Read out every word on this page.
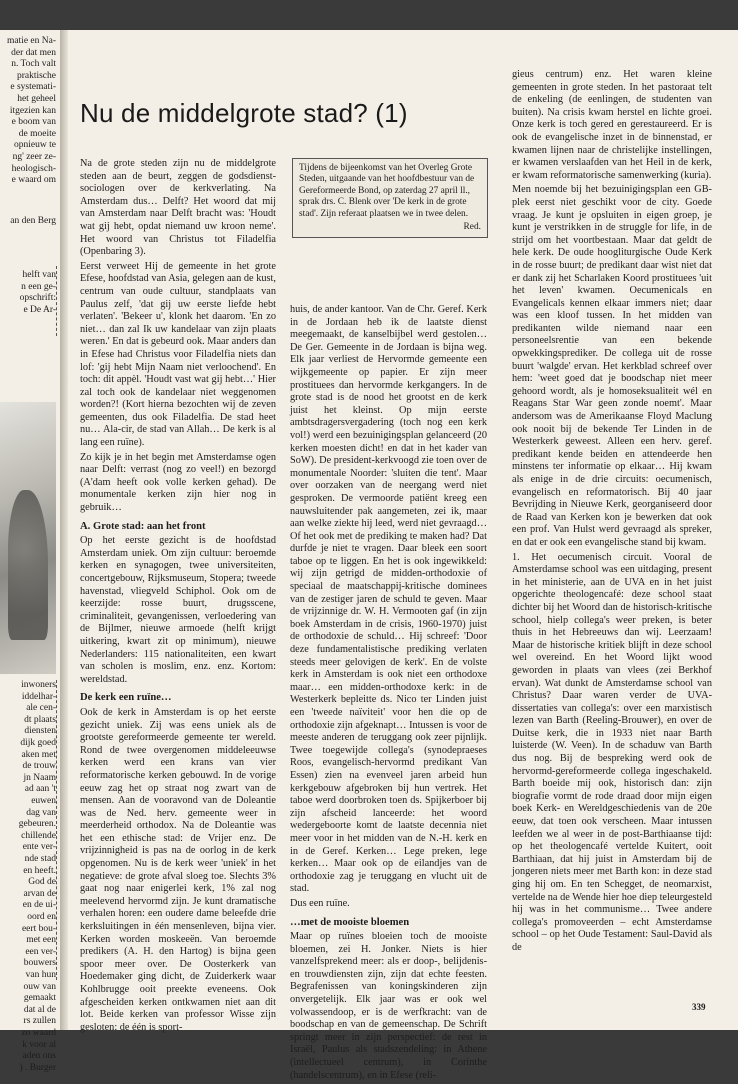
matie en Na-
der dat men
n. Toch valt
praktische
e systemati-
het geheel
itgezien kan
e boom van
de moeite
opnieuw te
ng' zeer ze-
heologisch-
e waard om
an den Berg
helft van
n een ge-
opschrift:
e De Ar-
inwoners
iddelhar-
ale cen-
dt plaats
diensten
dijk goed
aken met
de trouw
jn Naam
ad aan 't
euwen
dag van
gebeuren.
chillende
ente ver-
nde stad
en heeft.
God de
arvan de
en de ui-
oord en
eert bou-
met een
een ver-
bouwers
van hun
ouw van
gemaakt
dat al de
rs zullen
zo waard
k voor al
aden ons
) . Burger
Nu de middelgrote stad? (1)

Na de grote steden zijn nu de middelgrote steden aan de beurt, zeggen de godsdienst-sociologen over de kerkverlating. Na Amsterdam dus… Delft? Het woord dat mij van Amsterdam naar Delft bracht was: 'Houdt wat gij hebt, opdat niemand uw kroon neme'. Het woord van Christus tot Filadelfia (Openbaring 3).

Eerst verweet Hij de gemeente in het grote Efese, hoofdstad van Asia, gelegen aan de kust, centrum van oude cultuur, standplaats van Paulus zelf, 'dat gij uw eerste liefde hebt verlaten'. 'Bekeer u', klonk het daarom. 'En zo niet… dan zal Ik uw kandelaar van zijn plaats weren.' En dat is gebeurd ook. Maar anders dan in Efese had Christus voor Filadelfia niets dan lof: 'gij hebt Mijn Naam niet verloochend'. En toch: dit appèl. 'Houdt vast wat gij hebt…' Hier zal toch ook de kandelaar niet weggenomen worden?! (Kort hierna bezochten wij de zeven gemeenten, dus ook Filadelfia. De stad heet nu… Ala-cir, de stad van Allah… De kerk is al lang een ruïne).

Zo kijk je in het begin met Amsterdamse ogen naar Delft: verrast (nog zo veel!) en bezorgd (A'dam heeft ook volle kerken gehad). De monumentale kerken zijn hier nog in gebruik…

A. Grote stad: aan het front

Op het eerste gezicht is de hoofdstad Amsterdam uniek. Om zijn cultuur: beroemde kerken en synagogen, twee universiteiten, concertgebouw, Rijksmuseum, Stopera; tweede havenstad, vliegveld Schiphol. Ook om de keerzijde: rosse buurt, drugsscene, criminaliteit, gevangenissen, verloedering van de Bijlmer, nieuwe armoede (helft krijgt uitkering, kwart zit op minimum), nieuwe Nederlanders: 115 nationaliteiten, een kwart van scholen is moslim, enz. enz. Kortom: wereldstad.

De kerk een ruïne…

Ook de kerk in Amsterdam is op het eerste gezicht uniek. Zij was eens uniek als de grootste gereformeerde gemeente ter wereld. Rond de twee overgenomen middeleeuwse kerken werd een krans van vier reformatorische kerken gebouwd. In de vorige eeuw zag het op straat nog zwart van de mensen. Aan de vooravond van de Doleantie was de Ned. herv. gemeente weer in meerderheid orthodox. Na de Doleantie was het een ethische stad: de Vrijer enz. De vrijzinnigheid is pas na de oorlog in de kerk opgenomen. Nu is de kerk weer 'uniek' in het negatieve: de grote afval sloeg toe. Slechts 3% gaat nog naar enigerlei kerk, 1% zal nog meelevend hervormd zijn. Je kunt dramatische verhalen horen: een oudere dame beleefde drie kerksluitingen in één mensenleven, bijna vier. Kerken worden moskeeën. Van beroemde predikers (A. H. den Hartog) is bijna geen spoor meer over. De Oosterkerk van Hoedemaker ging dicht, de Zuiderkerk waar Kohlbrugge ooit preekte eveneens. Ook afgescheiden kerken ontkwamen niet aan dit lot. Beide kerken van professor Wisse zijn gesloten: de één is sport-

Tijdens de bijeenkomst van het Overleg Grote Steden, uitgaande van het hoofdbestuur van de Gereformeerde Bond, op zaterdag 27 april ll., sprak drs. C. Blenk over 'De kerk in de grote stad'. Zijn referaat plaatsen we in twee delen.
Red.

huis, de ander kantoor. Van de Chr. Geref. Kerk in de Jordaan heb ik de laatste dienst meegemaakt, de kanselbijbel werd gestolen… De Ger. Gemeente in de Jordaan is bijna weg. Elk jaar verliest de Hervormde gemeente een wijkgemeente op papier. Er zijn meer prostituees dan hervormde kerkgangers. In de grote stad is de nood het grootst en de kerk juist het kleinst. Op mijn eerste ambtsdragersvergadering (toch nog een kerk vol!) werd een bezuinigingsplan gelanceerd (20 kerken moesten dicht! en dat in het kader van SoW). De president-kerkvoogd zie toen over de monumentale Noorder: 'sluiten die tent'. Maar over oorzaken van de neergang werd niet gesproken. De vermoorde patiënt kreeg een nauwsluitender pak aangemeten, zei ik, maar aan welke ziekte hij leed, werd niet gevraagd… Of het ook met de prediking te maken had? Dat durfde je niet te vragen. Daar bleek een soort taboe op te liggen. En het is ook ingewikkeld: wij zijn getrigd de midden-orthodoxie of speciaal de maatschappij-kritische dominees van de zestiger jaren de schuld te geven. Maar de vrijzinnige dr. W. H. Vermooten gaf (in zijn boek Amsterdam in de crisis, 1960-1970) juist de orthodoxie de schuld… Hij schreef: 'Door deze fundamentalistische prediking verlaten steeds meer gelovigen de kerk'. En de volste kerk in Amsterdam is ook niet een orthodoxe maar… een midden-orthodoxe kerk: in de Westerkerk bepleitte ds. Nico ter Linden juist een 'tweede naïviteit' voor hen die op de orthodoxie zijn afgeknapt… Intussen is voor de meeste anderen de teruggang ook zeer pijnlijk. Twee toegewijde collega's (synodepraeses Roos, evangelisch-hervormd predikant Van Essen) zien na evenveel jaren arbeid hun kerkgebouw afgebroken bij hun vertrek. Het taboe werd doorbroken toen ds. Spijkerboer bij zijn afscheid lanceerde: het woord wedergeboorte komt de laatste decennia niet meer voor in het midden van de N.-H. kerk en in de Geref. Kerken… Lege preken, lege kerken… Maar ook op de eilandjes van de orthodoxie zag je teruggang en vlucht uit de stad.

Dus een ruïne.

…met de mooiste bloemen

Maar op ruïnes bloeien toch de mooiste bloemen, zei H. Jonker. Niets is hier vanzelfsprekend meer: als er doop-, belijdenis- en trouwdiensten zijn, zijn dat echte feesten. Begrafenissen van koningskinderen zijn onvergetelijk. Elk jaar was er ook wel volwassendoop, er is de werfkracht: van de boodschap en van de gemeenschap. De Schrift springt meer in zijn perspectief: de rest in Israël, Paulus als stadszendeling: in Athene (intellectueel centrum), in Corinthe (handelscentrum), en in Efese (reli-

gieus centrum) enz. Het waren kleine gemeenten in grote steden. In het pastoraat telt de enkeling (de eenlingen, de studenten van buiten). Na crisis kwam herstel en lichte groei. Onze kerk is toch gered en gerestaureerd. Er is ook de evangelische inzet in de binnenstad, er kwamen lijnen naar de christelijke instellingen, er kwamen verslaafden van het Heil in de kerk, er kwam reformatorische samenwerking (kuria).

Men noemde bij het bezuinigingsplan een GB-plek eerst niet geschikt voor de city. Goede vraag. Je kunt je opsluiten in eigen groep, je kunt je verstrikken in de struggle for life, in de strijd om het voortbestaan. Maar dat geldt de hele kerk. De oude hoogliturgische Oude Kerk in de rosse buurt; de predikant daar wist niet dat er dank zij het Scharlaken Koord prostituees 'uit het leven' kwamen. Oecumenicals en Evangelicals kennen elkaar immers niet; daar was een kloof tussen. In het midden van predikanten wilde niemand naar een personeelsrentie van een bekende opwekkingsprediker. De collega uit de rosse buurt 'walgde' ervan. Het kerkblad schreef over hem: 'weet goed dat je boodschap niet meer gehoord wordt, als je homoseksualiteit wél en Reagans Star War geen zonde noemt'. Maar andersom was de Amerikaanse Floyd Maclung ook nooit bij de bekende Ter Linden in de Westerkerk geweest. Alleen een herv. geref. predikant kende beiden en attendeerde hen minstens ter informatie op elkaar… Hij kwam als enige in de drie circuits: oecumenisch, evangelisch en reformatorisch. Bij 40 jaar Bevrijding in Nieuwe Kerk, georganiseerd door de Raad van Kerken kon je bewerken dat ook een prof. Van Hulst werd gevraagd als spreker, en dat er ook een evangelische stand bij kwam.

1. Het oecumenisch circuit. Vooral de Amsterdamse school was een uitdaging, present in het ministerie, aan de UVA en in het juist opgerichte theologencafé: deze school staat dichter bij het Woord dan de historisch-kritische school, hielp collega's weer preken, is beter thuis in het Hebreeuws dan wij. Leerzaam! Maar de historische kritiek blijft in deze school wel overeind. En het Woord lijkt wood geworden in plaats van vlees (zei Berkhof ervan). Wat dunkt de Amsterdamse school van Christus? Daar waren verder de UVA-dissertaties van collega's: over een marxistisch lezen van Barth (Reeling-Brouwer), en over de Duitse kerk, die in 1933 niet naar Barth luisterde (W. Veen). In de schaduw van Barth dus nog. Bij de bespreking werd ook de hervormd-gereformeerde collega ingeschakeld. Barth boeide mij ook, historisch dan: zijn biografie vormt de rode draad door mijn eigen boek Kerk- en Wereldgeschiedenis van de 20e eeuw, dat toen ook verscheen. Maar intussen leefden we al weer in de post-Barthiaanse tijd: op het theologencafé vertelde Kuitert, ooit Barthiaan, dat hij juist in Amsterdam bij de jongeren niets meer met Barth kon: in deze stad ging hij om. En ten Schegget, de neomarxist, vertelde na de Wende hier hoe diep teleurgesteld hij was in het communisme… Twee andere collega's promoveerden – echt Amsterdamse school – op het Oude Testament: Saul-David als de

339
